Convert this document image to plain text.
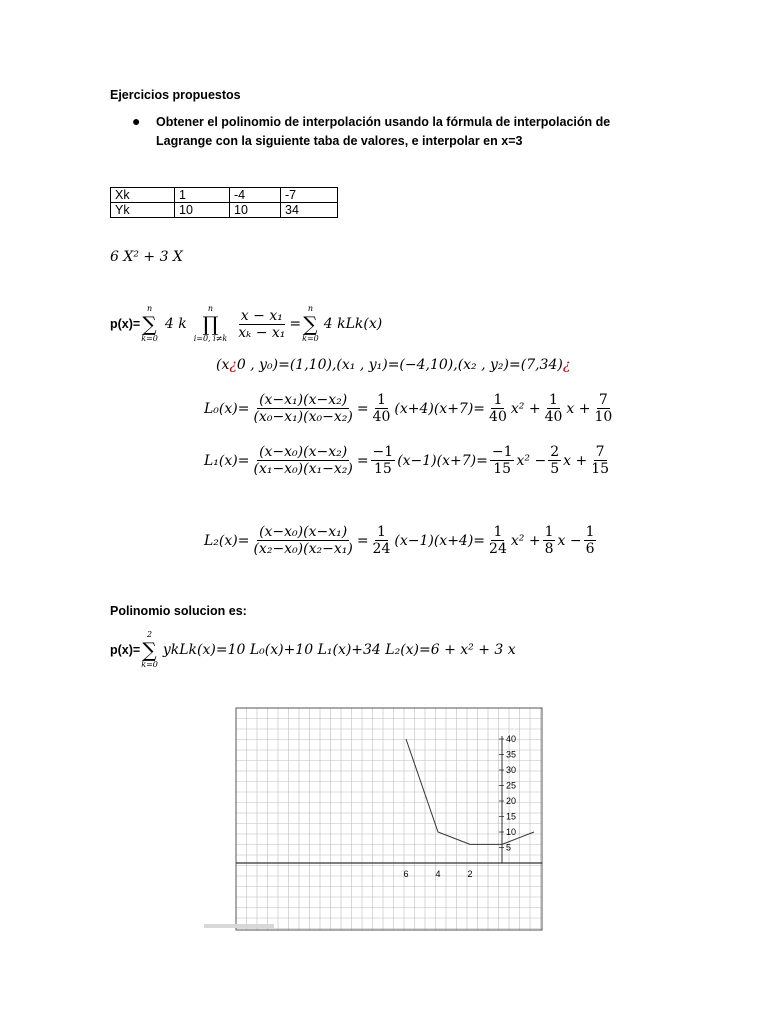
Ejercicios propuestos
● Obtener el polinomio de interpolación usando la fórmula de interpolación de
Lagrange con la siguiente taba de valores, e interpolar en x=3
Xk	1	-4	-7
Yk	10	10	34
6 X² + 3 X
p(x)=
n
∑
k=0
4 k
n
∏
i=0, $i\ne k \frac{\text{x − x₁}}{\text{xₖ − x₁}}$ =
n
∑
k=0
4 kLk(x)
(x¿0 , y₀)=(1,10),(x₁ , y₁)=(−4,10),(x₂ , y₂)=(7,34)¿
$L_0(x)= \frac{\text{(x−x₁)(x−x₂)}}{\text{(x₀−x₁)(x₀−x₂)}} = \frac{1}{40} (x+4)(x+7)= \frac{1}{40} x^2 + \frac{1}{40}$ $x + \frac{7}{10}$
$L_1(x)= \frac{\text{(x−x₀)(x−x₂)}}{\text{(x₁−x₀)(x₁−x₂)}} = \frac{-1}{15} (x-1)(x+7)= \frac{-1}{15} x^2 - \frac{2}{5}$ $x + \frac{7}{15}$
$L_2(x)= \frac{\text{(x−x₀)(x−x₁)}}{\text{(x₂−x₀)(x₂−x₁)}} = \frac{1}{24} (x-1)(x+4)= \frac{1}{24} x^2 + \frac{1}{8}$ $x - \frac{1}{6}$
Polinomio solucion es:
p(x)=
2
∑
k=0
ykLk(x)=10 L₀(x)+10 L₁(x)+34 L₂(x)=6 + x² + 3 x
6	4	2
40
35
30
25
20
15
10
5
